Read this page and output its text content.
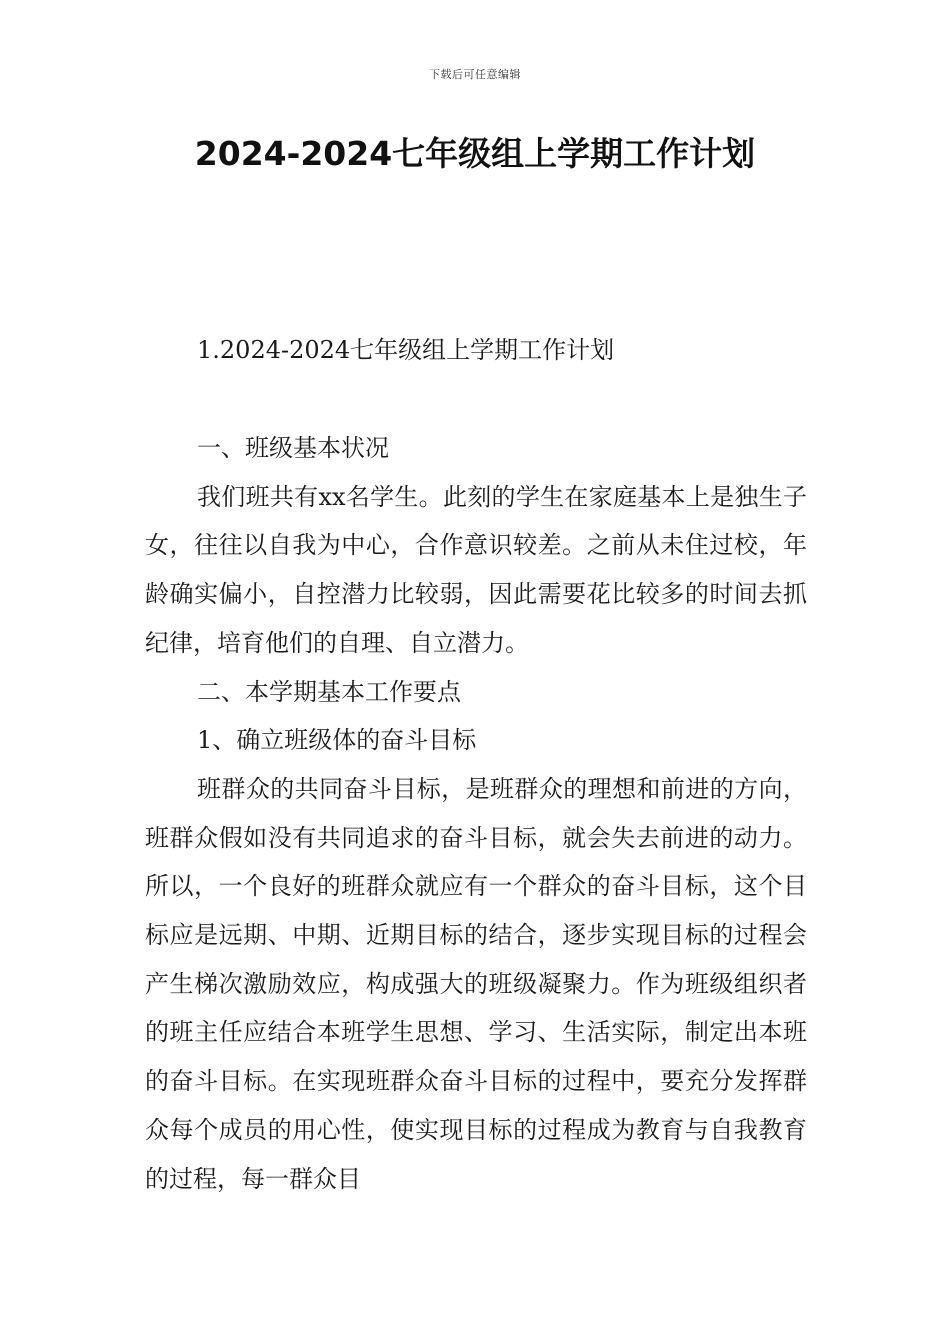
下载后可任意编辑
2024-2024七年级组上学期工作计划
1.2024-2024七年级组上学期工作计划

一、班级基本状况

我们班共有xx名学生。此刻的学生在家庭基本上是独生子女，往往以自我为中心，合作意识较差。之前从未住过校，年龄确实偏小，自控潜力比较弱，因此需要花比较多的时间去抓纪律，培育他们的自理、自立潜力。

二、本学期基本工作要点

1、确立班级体的奋斗目标

班群众的共同奋斗目标，是班群众的理想和前进的方向，班群众假如没有共同追求的奋斗目标，就会失去前进的动力。所以，一个良好的班群众就应有一个群众的奋斗目标，这个目标应是远期、中期、近期目标的结合，逐步实现目标的过程会产生梯次激励效应，构成强大的班级凝聚力。作为班级组织者的班主任应结合本班学生思想、学习、生活实际，制定出本班的奋斗目标。在实现班群众奋斗目标的过程中，要充分发挥群众每个成员的用心性，使实现目标的过程成为教育与自我教育的过程，每一群众目
